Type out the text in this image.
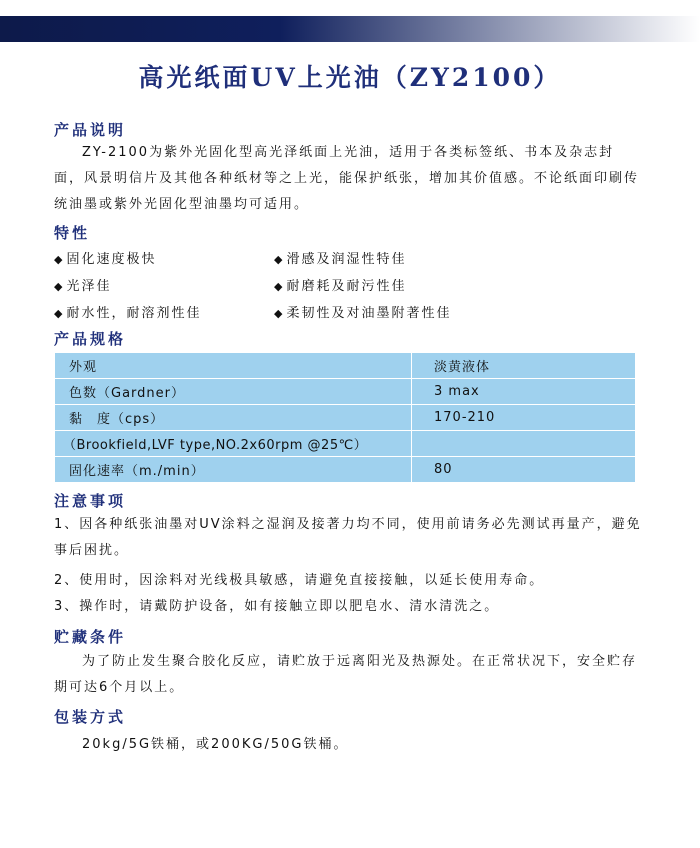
高光纸面UV上光油（ZY2100）
产品说明

ZY-2100为紫外光固化型高光泽纸面上光油，适用于各类标签纸、书本及杂志封面，风景明信片及其他各种纸材等之上光，能保护纸张，增加其价值感。不论纸面印刷传统油墨或紫外光固化型油墨均可适用。

特性
◆ 固化速度极快	◆ 滑感及润湿性特佳
◆ 光泽佳	◆ 耐磨耗及耐污性佳
◆ 耐水性，耐溶剂性佳	◆ 柔韧性及对油墨附著性佳
产品规格
外观	淡黄液体
色数（Gardner）	3 max
黏　度（cps）	170-210
（Brookfield,LVF type,NO.2x60rpm @25℃）	
固化速率（m./min）	80
注意事项

1、因各种纸张油墨对UV涂料之湿润及接著力均不同，使用前请务必先测试再量产，避免事后困扰。

2、使用时，因涂料对光线极具敏感，请避免直接接触，以延长使用寿命。

3、操作时，请戴防护设备，如有接触立即以肥皂水、清水清洗之。

贮藏条件

为了防止发生聚合胶化反应，请贮放于远离阳光及热源处。在正常状况下，安全贮存期可达6个月以上。

包装方式

20kg/5G铁桶，或200KG/50G铁桶。
